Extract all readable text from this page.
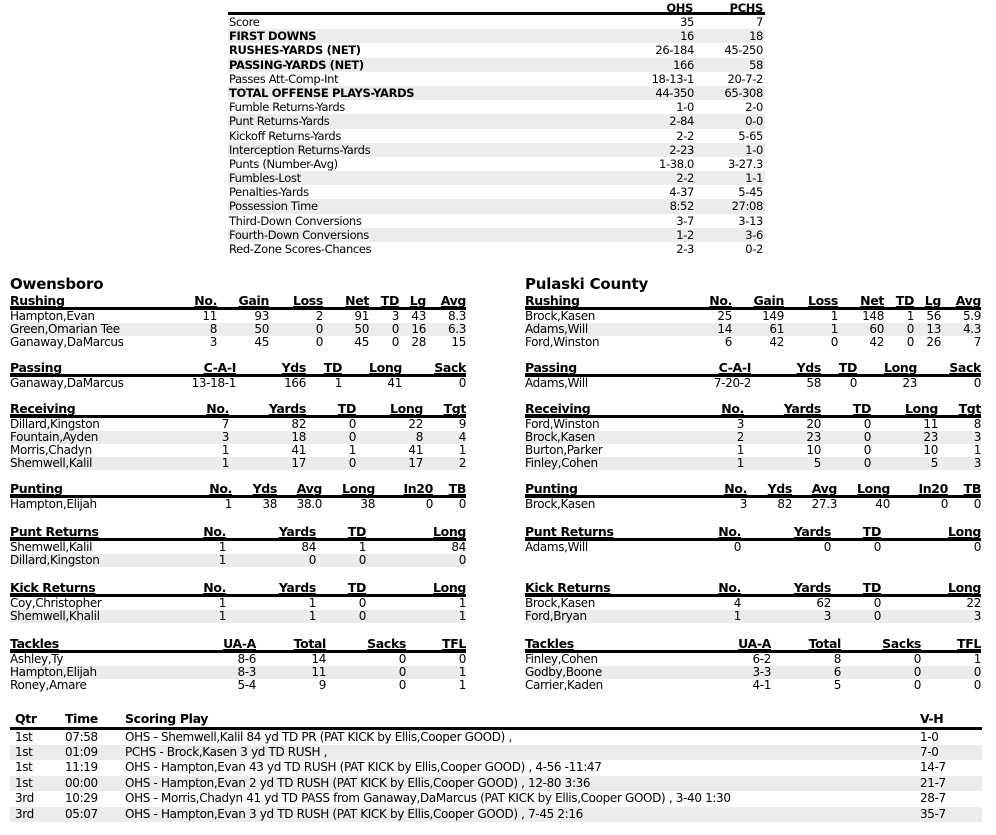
OHS	PCHS
Score	35	7
FIRST DOWNS	16	18
RUSHES-YARDS (NET)	26-184	45-250
PASSING-YARDS (NET)	166	58
Passes Att-Comp-Int	18-13-1	20-7-2
TOTAL OFFENSE PLAYS-YARDS	44-350	65-308
Fumble Returns-Yards	1-0	2-0
Punt Returns-Yards	2-84	0-0
Kickoff Returns-Yards	2-2	5-65
Interception Returns-Yards	2-23	1-0
Punts (Number-Avg)	1-38.0	3-27.3
Fumbles-Lost	2-2	1-1
Penalties-Yards	4-37	5-45
Possession Time	8:52	27:08
Third-Down Conversions	3-7	3-13
Fourth-Down Conversions	1-2	3-6
Red-Zone Scores-Chances	2-3	0-2
Owensboro
Rushing	No.	Gain	Loss	Net	TD	Lg	Avg
Hampton,Evan	11	93	2	91	3	43	8.3
Green,Omarian Tee	8	50	0	50	0	16	6.3
Ganaway,DaMarcus	3	45	0	45	0	28	15
Passing	C-A-I	Yds	TD	Long	Sack
Ganaway,DaMarcus	13-18-1	166	1	41	0
Receiving	No.	Yards	TD	Long	Tgt
Dillard,Kingston	7	82	0	22	9
Fountain,Ayden	3	18	0	8	4
Morris,Chadyn	1	41	1	41	1
Shemwell,Kalil	1	17	0	17	2
Punting	No.	Yds	Avg	Long	In20	TB
Hampton,Elijah	1	38	38.0	38	0	0
Punt Returns	No.	Yards	TD	Long
Shemwell,Kalil	1	84	1	84
Dillard,Kingston	1	0	0	0
Kick Returns	No.	Yards	TD	Long
Coy,Christopher	1	1	0	1
Shemwell,Khalil	1	1	0	1
Tackles	UA-A	Total	Sacks	TFL
Ashley,Ty	8-6	14	0	0
Hampton,Elijah	8-3	11	0	1
Roney,Amare	5-4	9	0	1
Pulaski County
Rushing	No.	Gain	Loss	Net	TD	Lg	Avg
Brock,Kasen	25	149	1	148	1	56	5.9
Adams,Will	14	61	1	60	0	13	4.3
Ford,Winston	6	42	0	42	0	26	7
Passing	C-A-I	Yds	TD	Long	Sack
Adams,Will	7-20-2	58	0	23	0
Receiving	No.	Yards	TD	Long	Tgt
Ford,Winston	3	20	0	11	8
Brock,Kasen	2	23	0	23	3
Burton,Parker	1	10	0	10	1
Finley,Cohen	1	5	0	5	3
Punting	No.	Yds	Avg	Long	In20	TB
Brock,Kasen	3	82	27.3	40	0	0
Punt Returns	No.	Yards	TD	Long
Adams,Will	0	0	0	0
Kick Returns	No.	Yards	TD	Long
Brock,Kasen	4	62	0	22
Ford,Bryan	1	3	0	3
Tackles	UA-A	Total	Sacks	TFL
Finley,Cohen	6-2	8	0	1
Godby,Boone	3-3	6	0	0
Carrier,Kaden	4-1	5	0	0
Qtr	Time	Scoring Play	V-H
1st	07:58	OHS - Shemwell,Kalil 84 yd TD PR (PAT KICK by Ellis,Cooper GOOD) ,	1-0
1st	01:09	PCHS - Brock,Kasen 3 yd TD RUSH ,	7-0
1st	11:19	OHS - Hampton,Evan 43 yd TD RUSH (PAT KICK by Ellis,Cooper GOOD) , 4-56 -11:47	14-7
1st	00:00	OHS - Hampton,Evan 2 yd TD RUSH (PAT KICK by Ellis,Cooper GOOD) , 12-80 3:36	21-7
3rd	10:29	OHS - Morris,Chadyn 41 yd TD PASS from Ganaway,DaMarcus (PAT KICK by Ellis,Cooper GOOD) , 3-40 1:30	28-7
3rd	05:07	OHS - Hampton,Evan 3 yd TD RUSH (PAT KICK by Ellis,Cooper GOOD) , 7-45 2:16	35-7
